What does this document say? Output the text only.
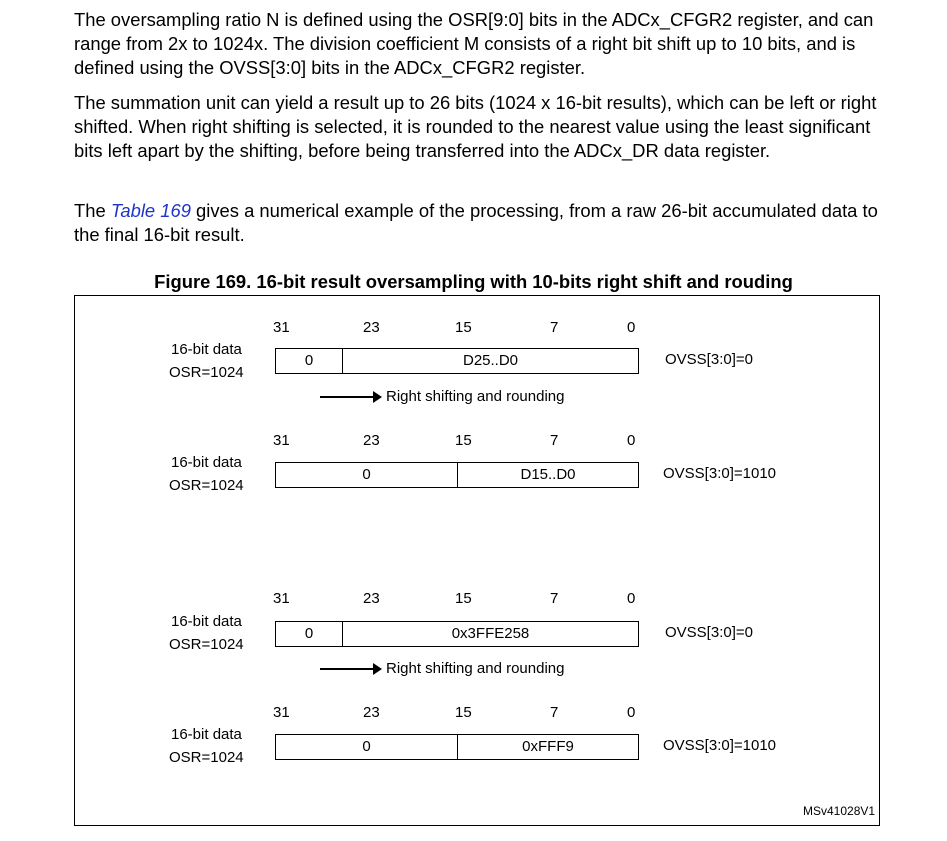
The oversampling ratio N is defined using the OSR[9:0] bits in the ADCx_CFGR2 register, and can range from 2x to 1024x. The division coefficient M consists of a right bit shift up to 10 bits, and is defined using the OVSS[3:0] bits in the ADCx_CFGR2 register.

The summation unit can yield a result up to 26 bits (1024 x 16-bit results), which can be left or right shifted. When right shifting is selected, it is rounded to the nearest value using the least significant bits left apart by the shifting, before being transferred into the ADCx_DR data register.

The Table 169 gives a numerical example of the processing, from a raw 26-bit accumulated data to the final 16-bit result.

Figure 169. 16-bit result oversampling with 10-bits right shift and rouding

31	23	15	7	0
16-bit data
OSR=1024
0	D25..D0	OVSS[3:0]=0
Right shifting and rounding
31	23	15	7	0
16-bit data
OSR=1024
0	D15..D0	OVSS[3:0]=1010
31	23	15	7	0
16-bit data
OSR=1024
0	0x3FFE258	OVSS[3:0]=0
Right shifting and rounding
31	23	15	7	0
16-bit data
OSR=1024
0	0xFFF9	OVSS[3:0]=1010
MSv41028V1
